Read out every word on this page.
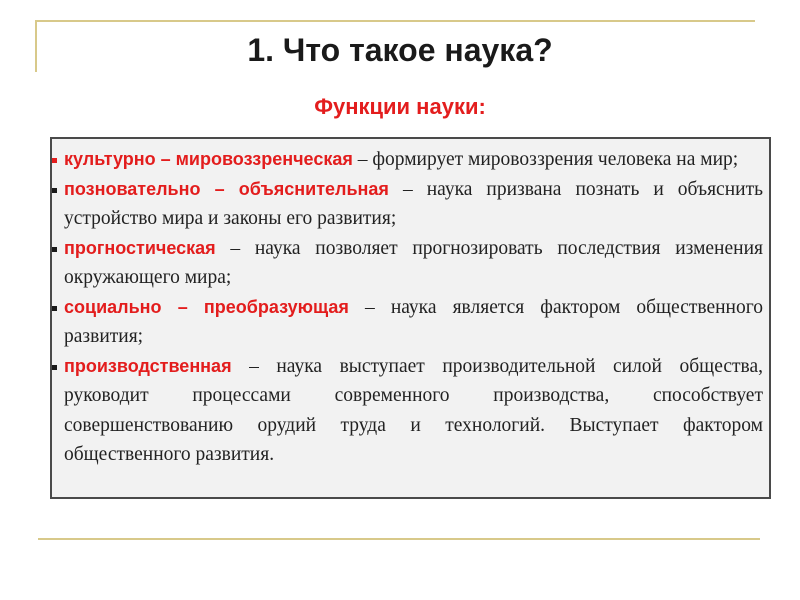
1. Что такое наука?
Функции науки:
культурно – мировоззренческая – формирует мировоззрения человека на мир;
позновательно – объяснительная – наука призвана познать и объяснить устройство мира и законы его развития;
прогностическая – наука позволяет прогнозировать последствия изменения окружающего мира;
социально – преобразующая – наука является фактором общественного развития;
производственная – наука выступает производительной силой общества, руководит процессами современного производства, способствует совершенствованию орудий труда и технологий. Выступает фактором общественного развития.
